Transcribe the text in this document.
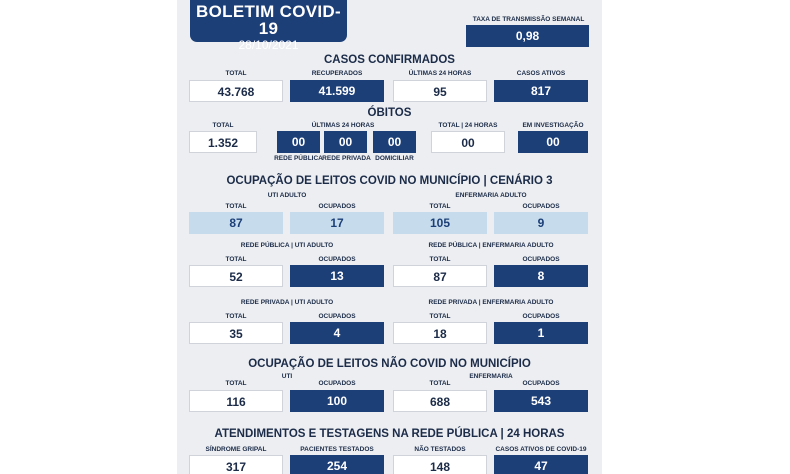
BOLETIM COVID-19
28/10/2021
TAXA DE TRANSMISSÃO SEMANAL
0,98
CASOS CONFIRMADOS
TOTAL	RECUPERADOS	ÚLTIMAS 24 HORAS	CASOS ATIVOS
43.768	41.599	95	817
ÓBITOS
TOTAL
1.352
ÚLTIMAS 24 HORAS
00	00	00
REDE PÚBLICA REDE PRIVADA DOMICILIAR
TOTAL | 24 HORAS
00
EM INVESTIGAÇÃO
00
OCUPAÇÃO DE LEITOS COVID NO MUNICÍPIO | CENÁRIO 3
UTI ADULTO	ENFERMARIA ADULTO
TOTAL	OCUPADOS	TOTAL	OCUPADOS
87	17	105	9
REDE PÚBLICA | UTI ADULTO	REDE PÚBLICA | ENFERMARIA ADULTO
TOTAL	OCUPADOS	TOTAL	OCUPADOS
52	13	87	8
REDE PRIVADA | UTI ADULTO	REDE PRIVADA | ENFERMARIA ADULTO
TOTAL	OCUPADOS	TOTAL	OCUPADOS
35	4	18	1
OCUPAÇÃO DE LEITOS NÃO COVID NO MUNICÍPIO
UTI	ENFERMARIA
TOTAL	OCUPADOS	TOTAL	OCUPADOS
116	100	688	543
ATENDIMENTOS E TESTAGENS NA REDE PÚBLICA | 24 HORAS
SÍNDROME GRIPAL	PACIENTES TESTADOS	NÃO TESTADOS	CASOS ATIVOS DE COVID-19
317	254	148	47
